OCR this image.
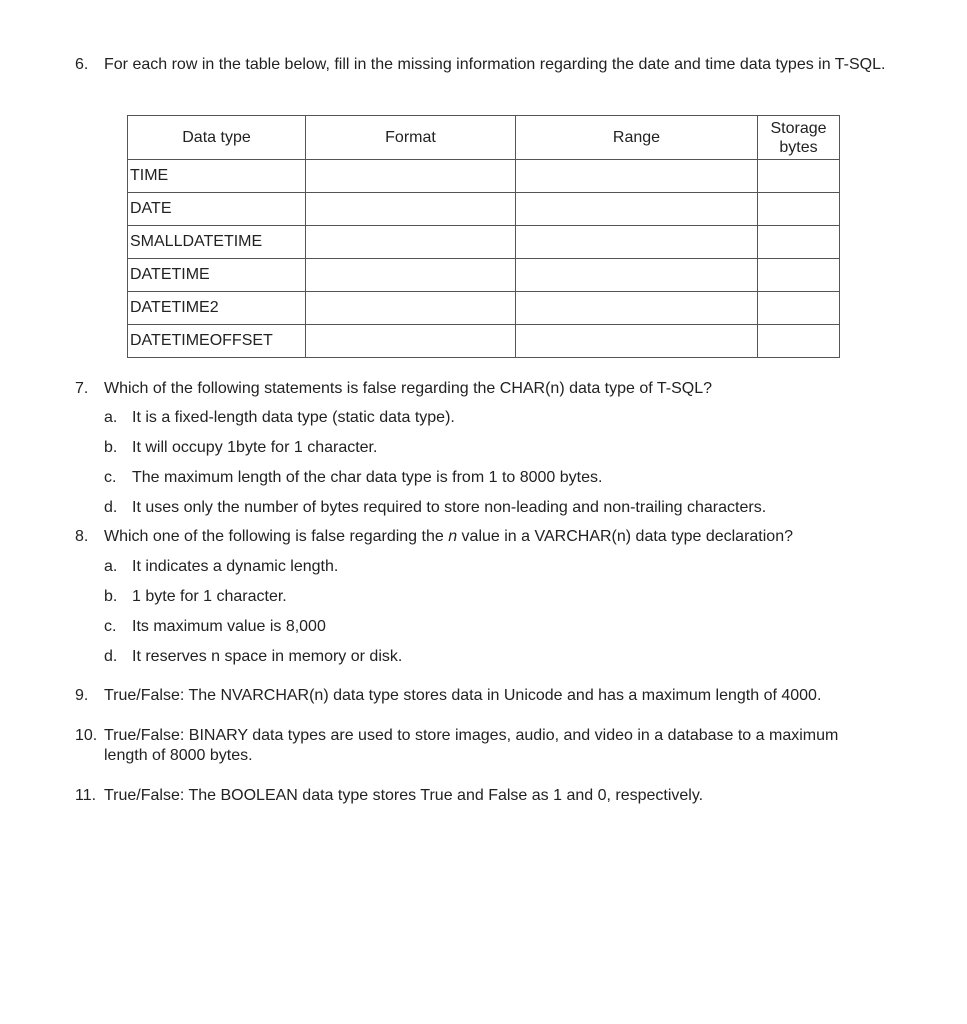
6. For each row in the table below, fill in the missing information regarding the date and time data types in T-SQL.
Data type	Format	Range	Storage bytes
TIME			
DATE			
SMALLDATETIME			
DATETIME			
DATETIME2			
DATETIMEOFFSET			
7. Which of the following statements is false regarding the CHAR(n) data type of T-SQL?
a. It is a fixed-length data type (static data type).
b. It will occupy 1byte for 1 character.
c. The maximum length of the char data type is from 1 to 8000 bytes.
d. It uses only the number of bytes required to store non-leading and non-trailing characters.
8. Which one of the following is false regarding the n value in a VARCHAR(n) data type declaration?
a. It indicates a dynamic length.
b. 1 byte for 1 character.
c. Its maximum value is 8,000
d. It reserves n space in memory or disk.
9. True/False: The NVARCHAR(n) data type stores data in Unicode and has a maximum length of 4000.
10. True/False: BINARY data types are used to store images, audio, and video in a database to a maximum length of 8000 bytes.
11. True/False: The BOOLEAN data type stores True and False as 1 and 0, respectively.
